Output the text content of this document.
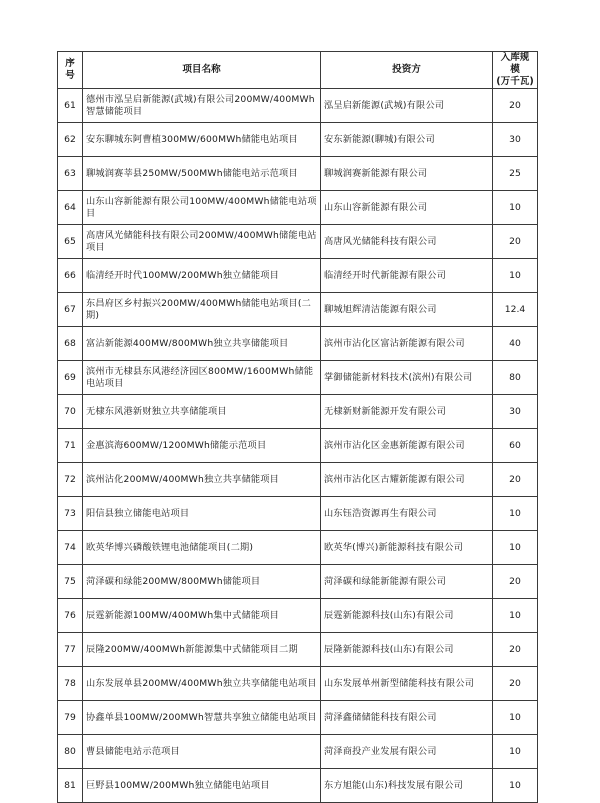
序号	项目名称	投资方	入库规模
(万千瓦)

61	德州市泓呈启新能源(武城)有限公司200MW/400MWh智慧储能项目	泓呈启新能源(武城)有限公司	20
62	安东聊城东阿曹植300MW/600MWh储能电站项目	安东新能源(聊城)有限公司	30
63	聊城润赛莘县250MW/500MWh储能电站示范项目	聊城润赛新能源有限公司	25
64	山东山容新能源有限公司100MW/400MWh储能电站项目	山东山容新能源有限公司	10
65	高唐风光储能科技有限公司200MW/400MWh储能电站项目	高唐风光储能科技有限公司	20
66	临清经开时代100MW/200MWh独立储能项目	临清经开时代新能源有限公司	10
67	东昌府区乡村振兴200MW/400MWh储能电站项目(二期)	聊城旭辉清洁能源有限公司	12.4
68	富沾新能源400MW/800MWh独立共享储能项目	滨州市沾化区富沾新能源有限公司	40
69	滨州市无棣县东风港经济园区800MW/1600MWh储能电站项目	掌御储能新材料技术(滨州)有限公司	80
70	无棣东风港新财独立共享储能项目	无棣新财新能源开发有限公司	30
71	金惠滨海600MW/1200MWh储能示范项目	滨州市沾化区金惠新能源有限公司	60
72	滨州沾化200MW/400MWh独立共享储能项目	滨州市沾化区古耀新能源有限公司	20
73	阳信县独立储能电站项目	山东钰浩资源再生有限公司	10
74	欧英华博兴磷酸铁锂电池储能项目(二期)	欧英华(博兴)新能源科技有限公司	10
75	菏泽碳和绿能200MW/800MWh储能项目	菏泽碳和绿能新能源有限公司	20
76	辰霆新能源100MW/400MWh集中式储能项目	辰霆新能源科技(山东)有限公司	10
77	辰隆200MW/400MWh新能源集中式储能项目二期	辰隆新能源科技(山东)有限公司	20
78	山东发展单县200MW/400MWh独立共享储能电站项目	山东发展单州新型储能科技有限公司	20
79	协鑫单县100MW/200MWh智慧共享独立储能电站项目	菏泽鑫储储能科技有限公司	10
80	曹县储能电站示范项目	菏泽商投产业发展有限公司	10
81	巨野县100MW/200MWh独立储能电站项目	东方旭能(山东)科技发展有限公司	10
